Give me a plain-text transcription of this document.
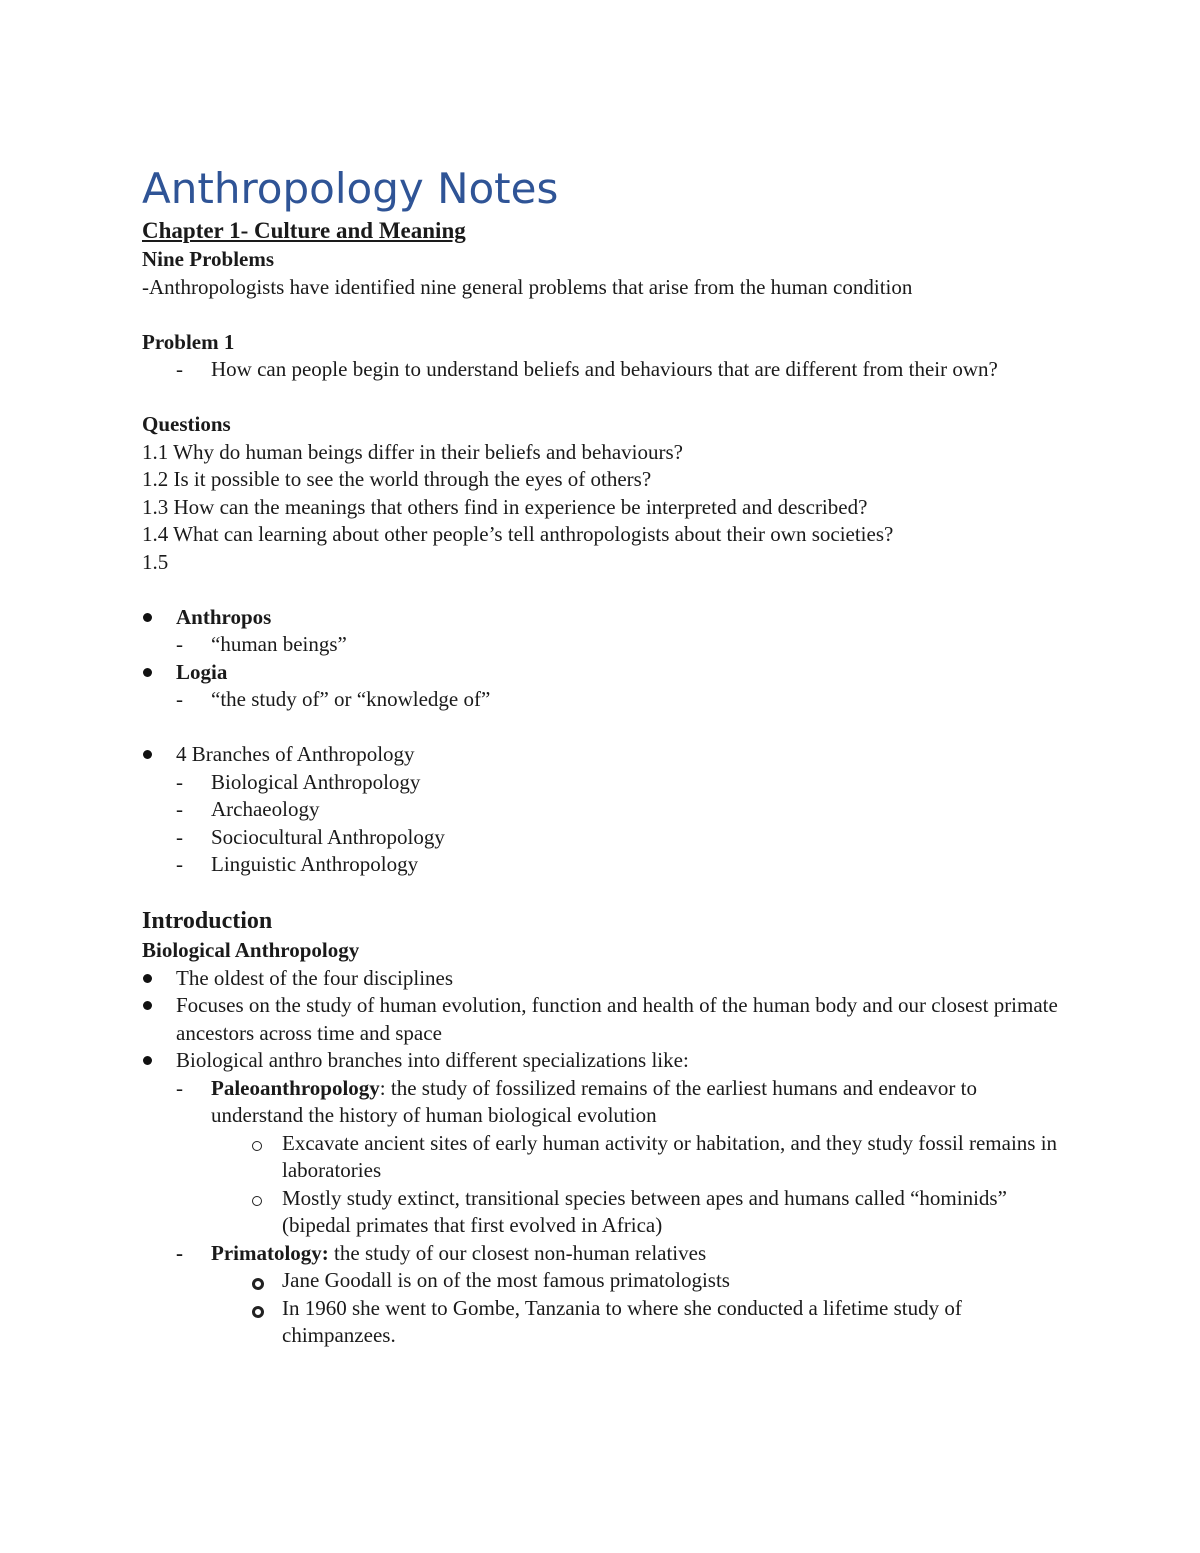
Anthropology Notes

Chapter 1- Culture and Meaning

Nine Problems

-Anthropologists have identified nine general problems that arise from the human condition

Problem 1

- How can people begin to understand beliefs and behaviours that are different from their own?

Questions

1.1 Why do human beings differ in their beliefs and behaviours?

1.2 Is it possible to see the world through the eyes of others?

1.3 How can the meanings that others find in experience be interpreted and described?

1.4 What can learning about other people’s tell anthropologists about their own societies?

1.5

Anthropos
- “human beings”
Logia
- “the study of” or “knowledge of”
4 Branches of Anthropology
- Biological Anthropology
- Archaeology
- Sociocultural Anthropology
- Linguistic Anthropology

Introduction

Biological Anthropology

The oldest of the four disciplines
Focuses on the study of human evolution, function and health of the human body and our closest primate ancestors across time and space
Biological anthro branches into different specializations like:
- Paleoanthropology: the study of fossilized remains of the earliest humans and endeavor to understand the history of human biological evolution
Excavate ancient sites of early human activity or habitation, and they study fossil remains in laboratories
Mostly study extinct, transitional species between apes and humans called “hominids” (bipedal primates that first evolved in Africa)
- Primatology: the study of our closest non-human relatives
Jane Goodall is on of the most famous primatologists
In 1960 she went to Gombe, Tanzania to where she conducted a lifetime study of chimpanzees.
